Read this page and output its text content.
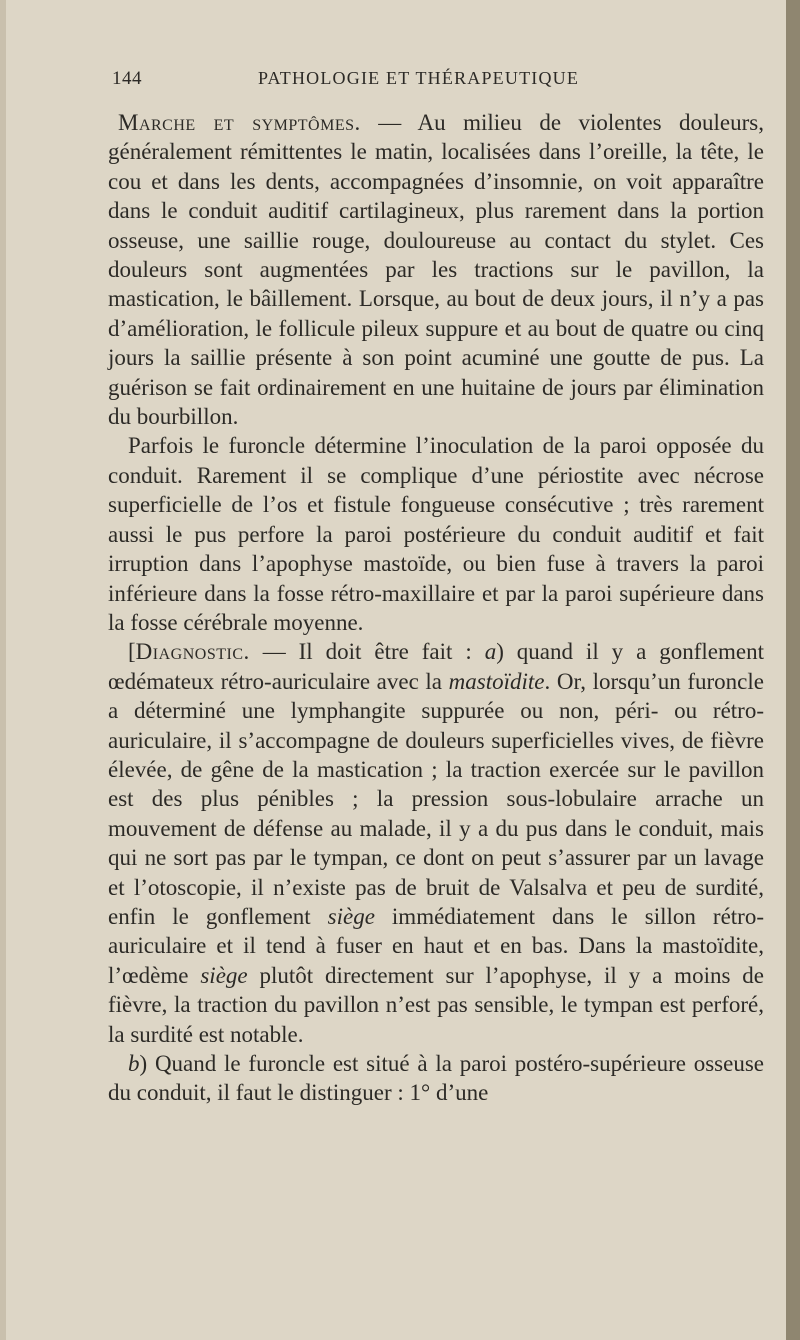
144	PATHOLOGIE ET THÉRAPEUTIQUE

Marche et symptômes. — Au milieu de violentes douleurs, généralement rémittentes le matin, localisées dans l’oreille, la tête, le cou et dans les dents, accompagnées d’insomnie, on voit apparaître dans le conduit auditif cartilagineux, plus rarement dans la portion osseuse, une saillie rouge, douloureuse au contact du stylet. Ces douleurs sont augmentées par les tractions sur le pavillon, la mastication, le bâillement. Lorsque, au bout de deux jours, il n’y a pas d’amélioration, le follicule pileux suppure et au bout de quatre ou cinq jours la saillie présente à son point acuminé une goutte de pus. La guérison se fait ordinairement en une huitaine de jours par élimination du bourbillon.

Parfois le furoncle détermine l’inoculation de la paroi opposée du conduit. Rarement il se complique d’une périostite avec nécrose superficielle de l’os et fistule fongueuse consécutive ; très rarement aussi le pus perfore la paroi postérieure du conduit auditif et fait irruption dans l’apophyse mastoïde, ou bien fuse à travers la paroi inférieure dans la fosse rétro-maxillaire et par la paroi supérieure dans la fosse cérébrale moyenne.

[Diagnostic. — Il doit être fait : a) quand il y a gonflement œdémateux rétro-auriculaire avec la mastoïdite. Or, lorsqu’un furoncle a déterminé une lymphangite suppurée ou non, péri- ou rétro-auriculaire, il s’accompagne de douleurs superficielles vives, de fièvre élevée, de gêne de la mastication ; la traction exercée sur le pavillon est des plus pénibles ; la pression sous-lobulaire arrache un mouvement de défense au malade, il y a du pus dans le conduit, mais qui ne sort pas par le tympan, ce dont on peut s’assurer par un lavage et l’otoscopie, il n’existe pas de bruit de Valsalva et peu de surdité, enfin le gonflement siège immédiatement dans le sillon rétro-auriculaire et il tend à fuser en haut et en bas. Dans la mastoïdite, l’œdème siège plutôt directement sur l’apophyse, il y a moins de fièvre, la traction du pavillon n’est pas sensible, le tympan est perforé, la surdité est notable.

b) Quand le furoncle est situé à la paroi postéro-supérieure osseuse du conduit, il faut le distinguer : 1° d’une
